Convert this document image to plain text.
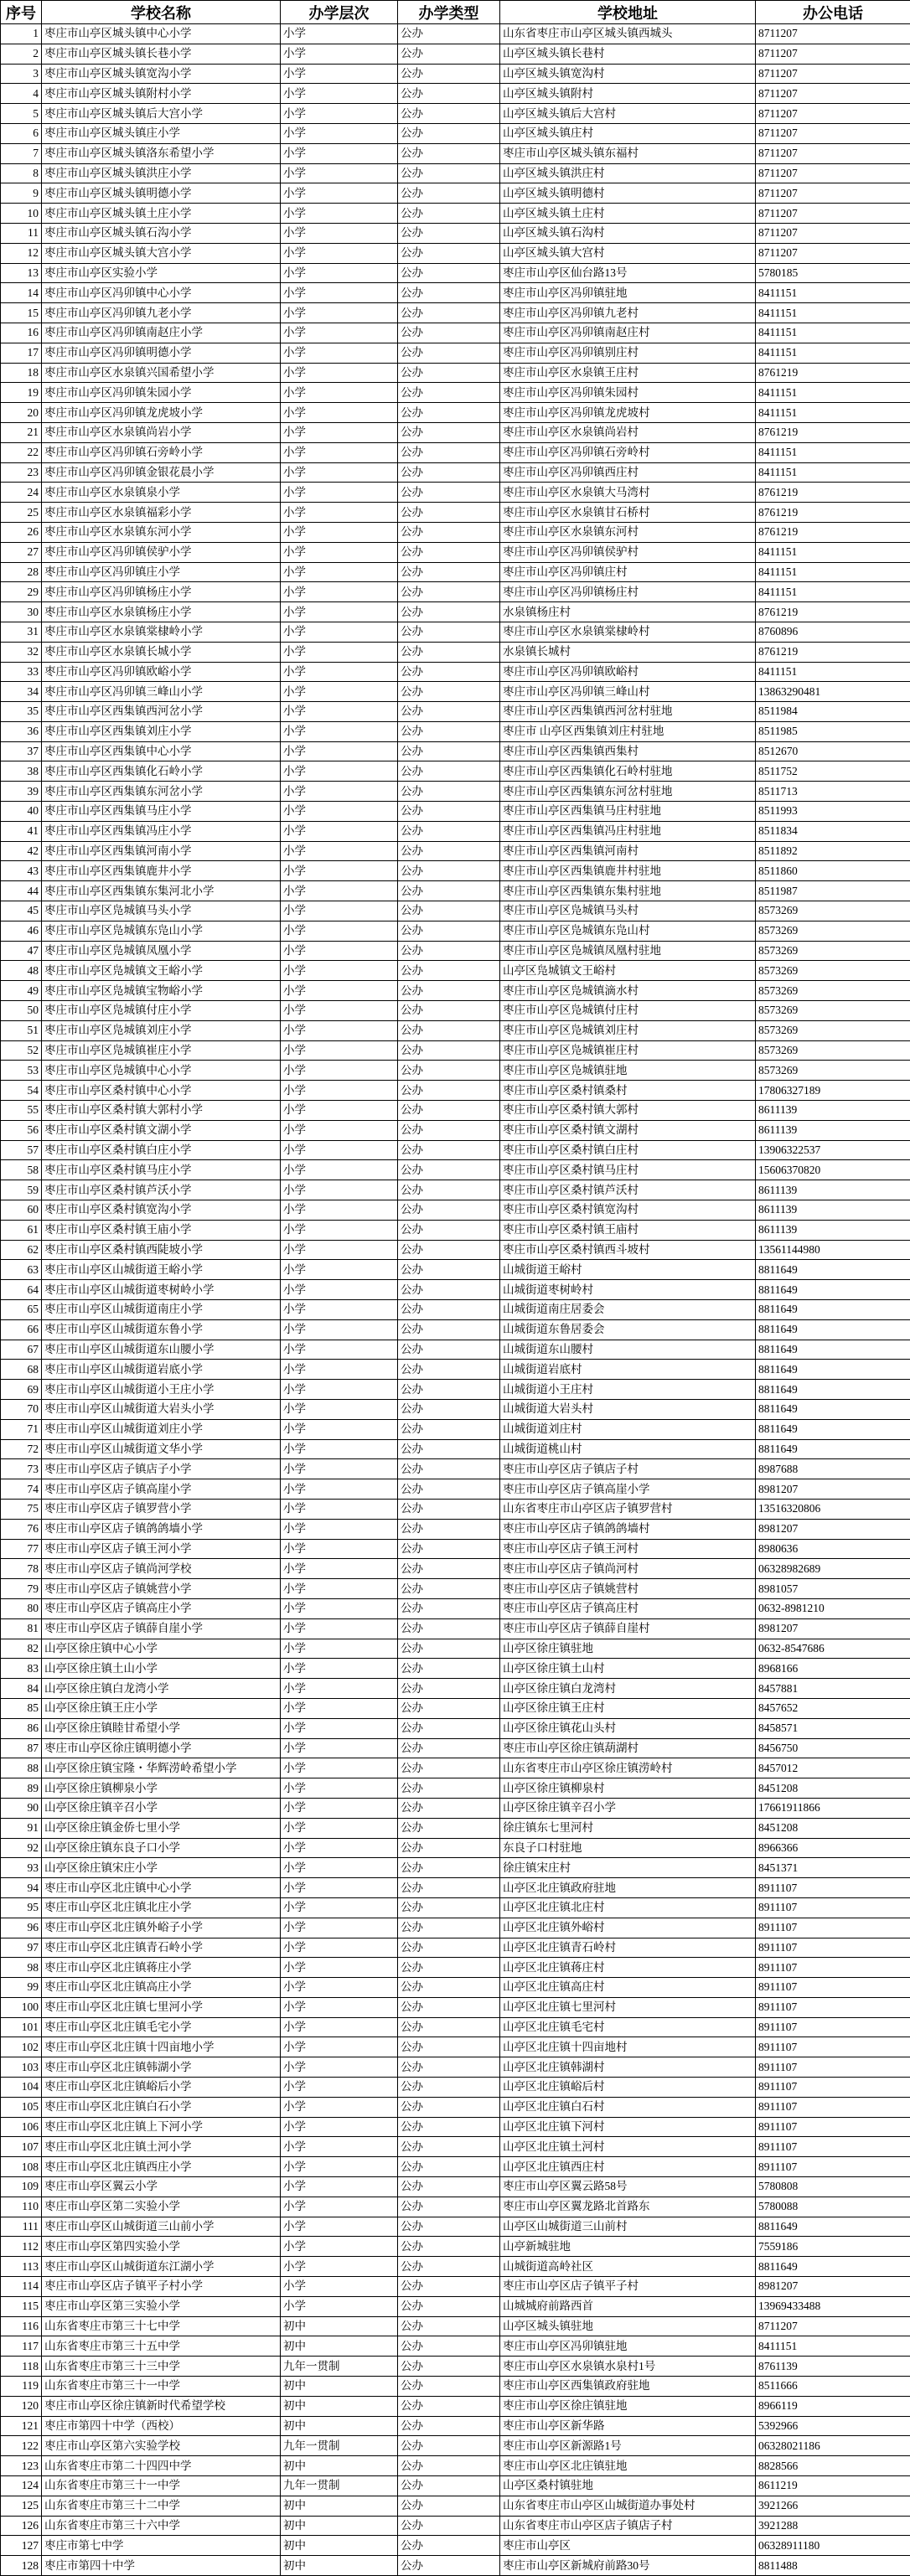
序号	学校名称	办学层次	办学类型	学校地址	办公电话
1	枣庄市山亭区城头镇中心小学	小学	公办	山东省枣庄市山亭区城头镇西城头	8711207
2	枣庄市山亭区城头镇长巷小学	小学	公办	山亭区城头镇长巷村	8711207
3	枣庄市山亭区城头镇宽沟小学	小学	公办	山亭区城头镇宽沟村	8711207
4	枣庄市山亭区城头镇附村小学	小学	公办	山亭区城头镇附村	8711207
5	枣庄市山亭区城头镇后大宫小学	小学	公办	山亭区城头镇后大宫村	8711207
6	枣庄市山亭区城头镇庄小学	小学	公办	山亭区城头镇庄村	8711207
7	枣庄市山亭区城头镇洛东希望小学	小学	公办	枣庄市山亭区城头镇东福村	8711207
8	枣庄市山亭区城头镇洪庄小学	小学	公办	山亭区城头镇洪庄村	8711207
9	枣庄市山亭区城头镇明德小学	小学	公办	山亭区城头镇明德村	8711207
10	枣庄市山亭区城头镇土庄小学	小学	公办	山亭区城头镇土庄村	8711207
11	枣庄市山亭区城头镇石沟小学	小学	公办	山亭区城头镇石沟村	8711207
12	枣庄市山亭区城头镇大宫小学	小学	公办	山亭区城头镇大宫村	8711207
13	枣庄市山亭区实验小学	小学	公办	枣庄市山亭区仙台路13号	5780185
14	枣庄市山亭区冯卯镇中心小学	小学	公办	枣庄市山亭区冯卯镇驻地	8411151
15	枣庄市山亭区冯卯镇九老小学	小学	公办	枣庄市山亭区冯卯镇九老村	8411151
16	枣庄市山亭区冯卯镇南赵庄小学	小学	公办	枣庄市山亭区冯卯镇南赵庄村	8411151
17	枣庄市山亭区冯卯镇明德小学	小学	公办	枣庄市山亭区冯卯镇别庄村	8411151
18	枣庄市山亭区水泉镇兴国希望小学	小学	公办	枣庄市山亭区水泉镇王庄村	8761219
19	枣庄市山亭区冯卯镇朱园小学	小学	公办	枣庄市山亭区冯卯镇朱园村	8411151
20	枣庄市山亭区冯卯镇龙虎坡小学	小学	公办	枣庄市山亭区冯卯镇龙虎坡村	8411151
21	枣庄市山亭区水泉镇尚岩小学	小学	公办	枣庄市山亭区水泉镇尚岩村	8761219
22	枣庄市山亭区冯卯镇石旁岭小学	小学	公办	枣庄市山亭区冯卯镇石旁岭村	8411151
23	枣庄市山亭区冯卯镇金银花晨小学	小学	公办	枣庄市山亭区冯卯镇西庄村	8411151
24	枣庄市山亭区水泉镇泉小学	小学	公办	枣庄市山亭区水泉镇大马湾村	8761219
25	枣庄市山亭区水泉镇福彩小学	小学	公办	枣庄市山亭区水泉镇甘石桥村	8761219
26	枣庄市山亭区水泉镇东河小学	小学	公办	枣庄市山亭区水泉镇东河村	8761219
27	枣庄市山亭区冯卯镇侯驴小学	小学	公办	枣庄市山亭区冯卯镇侯驴村	8411151
28	枣庄市山亭区冯卯镇庄小学	小学	公办	枣庄市山亭区冯卯镇庄村	8411151
29	枣庄市山亭区冯卯镇杨庄小学	小学	公办	枣庄市山亭区冯卯镇杨庄村	8411151
30	枣庄市山亭区水泉镇杨庄小学	小学	公办	水泉镇杨庄村	8761219
31	枣庄市山亭区水泉镇棠棣岭小学	小学	公办	枣庄市山亭区水泉镇棠棣岭村	8760896
32	枣庄市山亭区水泉镇长城小学	小学	公办	水泉镇长城村	8761219
33	枣庄市山亭区冯卯镇欧峪小学	小学	公办	枣庄市山亭区冯卯镇欧峪村	8411151
34	枣庄市山亭区冯卯镇三峰山小学	小学	公办	枣庄市山亭区冯卯镇三峰山村	13863290481
35	枣庄市山亭区西集镇西河岔小学	小学	公办	枣庄市山亭区西集镇西河岔村驻地	8511984
36	枣庄市山亭区西集镇刘庄小学	小学	公办	枣庄市 山亭区西集镇刘庄村驻地	8511985
37	枣庄市山亭区西集镇中心小学	小学	公办	枣庄市山亭区西集镇西集村	8512670
38	枣庄市山亭区西集镇化石岭小学	小学	公办	枣庄市山亭区西集镇化石岭村驻地	8511752
39	枣庄市山亭区西集镇东河岔小学	小学	公办	枣庄市山亭区西集镇东河岔村驻地	8511713
40	枣庄市山亭区西集镇马庄小学	小学	公办	枣庄市山亭区西集镇马庄村驻地	8511993
41	枣庄市山亭区西集镇冯庄小学	小学	公办	枣庄市山亭区西集镇冯庄村驻地	8511834
42	枣庄市山亭区西集镇河南小学	小学	公办	枣庄市山亭区西集镇河南村	8511892
43	枣庄市山亭区西集镇鹿井小学	小学	公办	枣庄市山亭区西集镇鹿井村驻地	8511860
44	枣庄市山亭区西集镇东集河北小学	小学	公办	枣庄市山亭区西集镇东集村驻地	8511987
45	枣庄市山亭区凫城镇马头小学	小学	公办	枣庄市山亭区凫城镇马头村	8573269
46	枣庄市山亭区凫城镇东凫山小学	小学	公办	枣庄市山亭区凫城镇东凫山村	8573269
47	枣庄市山亭区凫城镇凤凰小学	小学	公办	枣庄市山亭区凫城镇凤凰村驻地	8573269
48	枣庄市山亭区凫城镇文王峪小学	小学	公办	山亭区凫城镇文王峪村	8573269
49	枣庄市山亭区凫城镇宝物峪小学	小学	公办	枣庄市山亭区凫城镇滴水村	8573269
50	枣庄市山亭区凫城镇付庄小学	小学	公办	枣庄市山亭区凫城镇付庄村	8573269
51	枣庄市山亭区凫城镇刘庄小学	小学	公办	枣庄市山亭区凫城镇刘庄村	8573269
52	枣庄市山亭区凫城镇崔庄小学	小学	公办	枣庄市山亭区凫城镇崔庄村	8573269
53	枣庄市山亭区凫城镇中心小学	小学	公办	枣庄市山亭区凫城镇驻地	8573269
54	枣庄市山亭区桑村镇中心小学	小学	公办	枣庄市山亭区桑村镇桑村	17806327189
55	枣庄市山亭区桑村镇大郭村小学	小学	公办	枣庄市山亭区桑村镇大郭村	8611139
56	枣庄市山亭区桑村镇文湖小学	小学	公办	枣庄市山亭区桑村镇文湖村	8611139
57	枣庄市山亭区桑村镇白庄小学	小学	公办	枣庄市山亭区桑村镇白庄村	13906322537
58	枣庄市山亭区桑村镇马庄小学	小学	公办	枣庄市山亭区桑村镇马庄村	15606370820
59	枣庄市山亭区桑村镇芦沃小学	小学	公办	枣庄市山亭区桑村镇芦沃村	8611139
60	枣庄市山亭区桑村镇宽沟小学	小学	公办	枣庄市山亭区桑村镇宽沟村	8611139
61	枣庄市山亭区桑村镇王庙小学	小学	公办	枣庄市山亭区桑村镇王庙村	8611139
62	枣庄市山亭区桑村镇西陡坡小学	小学	公办	枣庄市山亭区桑村镇西斗坡村	13561144980
63	枣庄市山亭区山城街道王峪小学	小学	公办	山城街道王峪村	8811649
64	枣庄市山亭区山城街道枣树岭小学	小学	公办	山城街道枣树岭村	8811649
65	枣庄市山亭区山城街道南庄小学	小学	公办	山城街道南庄居委会	8811649
66	枣庄市山亭区山城街道东鲁小学	小学	公办	山城街道东鲁居委会	8811649
67	枣庄市山亭区山城街道东山腰小学	小学	公办	山城街道东山腰村	8811649
68	枣庄市山亭区山城街道岩底小学	小学	公办	山城街道岩底村	8811649
69	枣庄市山亭区山城街道小王庄小学	小学	公办	山城街道小王庄村	8811649
70	枣庄市山亭区山城街道大岩头小学	小学	公办	山城街道大岩头村	8811649
71	枣庄市山亭区山城街道刘庄小学	小学	公办	山城街道刘庄村	8811649
72	枣庄市山亭区山城街道文华小学	小学	公办	山城街道桃山村	8811649
73	枣庄市山亭区店子镇店子小学	小学	公办	枣庄市山亭区店子镇店子村	8987688
74	枣庄市山亭区店子镇高崖小学	小学	公办	枣庄市山亭区店子镇高崖小学	8981207
75	枣庄市山亭区店子镇罗营小学	小学	公办	山东省枣庄市山亭区店子镇罗营村	13516320806
76	枣庄市山亭区店子镇鸽鸽墙小学	小学	公办	枣庄市山亭区店子镇鸽鸽墙村	8981207
77	枣庄市山亭区店子镇王河小学	小学	公办	枣庄市山亭区店子镇王河村	8980636
78	枣庄市山亭区店子镇尚河学校	小学	公办	枣庄市山亭区店子镇尚河村	06328982689
79	枣庄市山亭区店子镇姚营小学	小学	公办	枣庄市山亭区店子镇姚营村	8981057
80	枣庄市山亭区店子镇高庄小学	小学	公办	枣庄市山亭区店子镇高庄村	0632-8981210
81	枣庄市山亭区店子镇薛自崖小学	小学	公办	枣庄市山亭区店子镇薛自崖村	8981207
82	山亭区徐庄镇中心小学	小学	公办	山亭区徐庄镇驻地	0632-8547686
83	山亭区徐庄镇土山小学	小学	公办	山亭区徐庄镇土山村	8968166
84	山亭区徐庄镇白龙湾小学	小学	公办	山亭区徐庄镇白龙湾村	8457881
85	山亭区徐庄镇王庄小学	小学	公办	山亭区徐庄镇王庄村	8457652
86	山亭区徐庄镇睦甘希望小学	小学	公办	山亭区徐庄镇花山头村	8458571
87	枣庄市山亭区徐庄镇明德小学	小学	公办	枣庄市山亭区徐庄镇葫湖村	8456750
88	山亭区徐庄镇宝隆・华辉涝岭希望小学	小学	公办	山东省枣庄市山亭区徐庄镇涝岭村	8457012
89	山亭区徐庄镇柳泉小学	小学	公办	山亭区徐庄镇柳泉村	8451208
90	山亭区徐庄镇辛召小学	小学	公办	山亭区徐庄镇辛召小学	17661911866
91	山亭区徐庄镇金侨七里小学	小学	公办	徐庄镇东七里河村	8451208
92	山亭区徐庄镇东良子口小学	小学	公办	东良子口村驻地	8966366
93	山亭区徐庄镇宋庄小学	小学	公办	徐庄镇宋庄村	8451371
94	枣庄市山亭区北庄镇中心小学	小学	公办	山亭区北庄镇政府驻地	8911107
95	枣庄市山亭区北庄镇北庄小学	小学	公办	山亭区北庄镇北庄村	8911107
96	枣庄市山亭区北庄镇外峪子小学	小学	公办	山亭区北庄镇外峪村	8911107
97	枣庄市山亭区北庄镇青石岭小学	小学	公办	山亭区北庄镇青石岭村	8911107
98	枣庄市山亭区北庄镇蒋庄小学	小学	公办	山亭区北庄镇蒋庄村	8911107
99	枣庄市山亭区北庄镇高庄小学	小学	公办	山亭区北庄镇高庄村	8911107
100	枣庄市山亭区北庄镇七里河小学	小学	公办	山亭区北庄镇七里河村	8911107
101	枣庄市山亭区北庄镇毛宅小学	小学	公办	山亭区北庄镇毛宅村	8911107
102	枣庄市山亭区北庄镇十四亩地小学	小学	公办	山亭区北庄镇十四亩地村	8911107
103	枣庄市山亭区北庄镇韩湖小学	小学	公办	山亭区北庄镇韩湖村	8911107
104	枣庄市山亭区北庄镇峪后小学	小学	公办	山亭区北庄镇峪后村	8911107
105	枣庄市山亭区北庄镇白石小学	小学	公办	山亭区北庄镇白石村	8911107
106	枣庄市山亭区北庄镇上下河小学	小学	公办	山亭区北庄镇下河村	8911107
107	枣庄市山亭区北庄镇土河小学	小学	公办	山亭区北庄镇土河村	8911107
108	枣庄市山亭区北庄镇西庄小学	小学	公办	山亭区北庄镇西庄村	8911107
109	枣庄市山亭区翼云小学	小学	公办	枣庄市山亭区翼云路58号	5780808
110	枣庄市山亭区第二实验小学	小学	公办	枣庄市山亭区翼龙路北首路东	5780088
111	枣庄市山亭区山城街道三山前小学	小学	公办	山亭区山城街道三山前村	8811649
112	枣庄市山亭区第四实验小学	小学	公办	山亭新城驻地	7559186
113	枣庄市山亭区山城街道东江湖小学	小学	公办	山城街道高岭社区	8811649
114	枣庄市山亭区店子镇平子村小学	小学	公办	枣庄市山亭区店子镇平子村	8981207
115	枣庄市山亭区第三实验小学	小学	公办	山城城府前路西首	13969433488
116	山东省枣庄市第三十七中学	初中	公办	山亭区城头镇驻地	8711207
117	山东省枣庄市第三十五中学	初中	公办	枣庄市山亭区冯卯镇驻地	8411151
118	山东省枣庄市第三十三中学	九年一贯制	公办	枣庄市山亭区水泉镇水泉村1号	8761139
119	山东省枣庄市第三十一中学	初中	公办	枣庄市山亭区西集镇政府驻地	8511666
120	枣庄市山亭区徐庄镇新时代希望学校	初中	公办	枣庄市山亭区徐庄镇驻地	8966119
121	枣庄市第四十中学（西校）	初中	公办	枣庄市山亭区新华路	5392966
122	枣庄市山亭区第六实验学校	九年一贯制	公办	枣庄市山亭区新源路1号	06328021186
123	山东省枣庄市第二十四四中学	初中	公办	枣庄市山亭区北庄镇驻地	8828566
124	山东省枣庄市第三十一中学	九年一贯制	公办	山亭区桑村镇驻地	8611219
125	山东省枣庄市第三十二中学	初中	公办	山东省枣庄市山亭区山城街道办事处村	3921266
126	山东省枣庄市第三十六中学	初中	公办	山东省枣庄市山亭区店子镇店子村	3921288
127	枣庄市第七中学	初中	公办	枣庄市山亭区	06328911180
128	枣庄市第四十中学	初中	公办	枣庄市山亭区新城府前路30号	8811488
